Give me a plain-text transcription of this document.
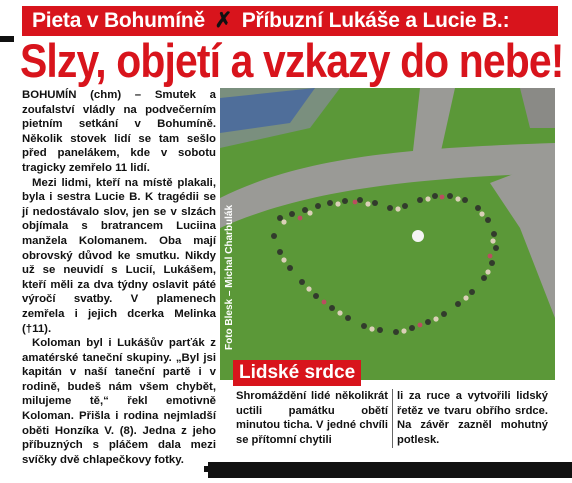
Pieta v Bohumíně ✗ Příbuzní Lukáše a Lucie B.:
Slzy, objetí a vzkazy do nebe!

BOHUMÍN (chm) – Smutek a zoufalství vládly na podvečerním pietním setkání v Bohumíně. Několik stovek lidí se tam sešlo před panelákem, kde v sobotu tragicky zemřelo 11 lidí.

Mezi lidmi, kteří na místě plakali, byla i sestra Lucie B. K tragédii se jí nedostávalo slov, jen se v slzách objímala s bratrancem Luciina manžela Kolomanem. Oba mají obrovský důvod ke smutku. Nikdy už se neuvidí s Lucií, Lukášem, kteří měli za dva týdny oslavit páté výročí svatby. V plamenech zemřela i jejich dcerka Melinka (†11).

Koloman byl i Lukášův parťák z amatérské taneční skupiny. „Byl jsi kapitán v naší taneční partě i v rodině, budeš nám všem chybět, milujeme tě,“ řekl emotivně Koloman. Přišla i rodina nejmladší oběti Honzíka V. (8). Jedna z jeho příbuzných s pláčem dala mezi svíčky dvě chlapečkovy fotky.

Foto Blesk – Michal Charbulák
Lidské srdce
Shromáždění lidé několikrát uctili památku obětí minutou ticha. V jedné chvíli se přítomní chytili
li za ruce a vytvořili lidský řetěz ve tvaru obřího srdce. Na závěr zazněl mohutný potlesk.
